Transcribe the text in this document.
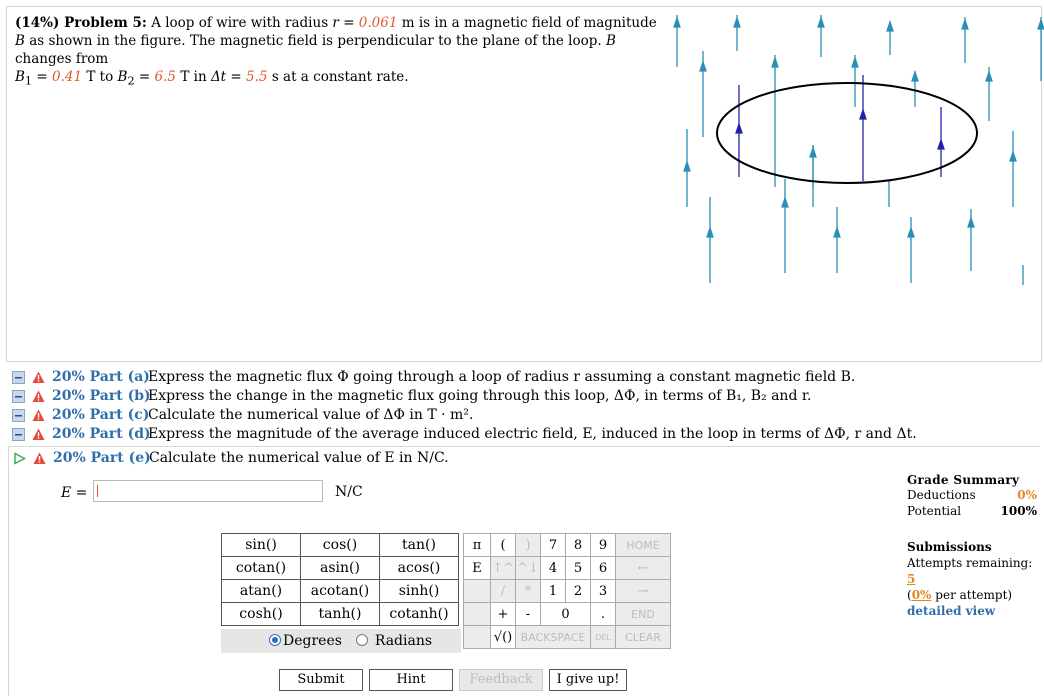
(14%) Problem 5: A loop of wire with radius r = 0.061 m is in a magnetic field of magnitude B as shown in the figure. The magnetic field is perpendicular to the plane of the loop. B changes from
$B_1 = 0.41$ T to $B_2 = 6.5$ T in Δt = 5.5 s at a constant rate.
20% Part (a)
Express the magnetic flux Φ going through a loop of radius r assuming a constant magnetic field B.
20% Part (b)
Express the change in the magnetic flux going through this loop, ΔΦ, in terms of B₁, B₂ and r.
20% Part (c)
Calculate the numerical value of ΔΦ in T · m².
20% Part (d)
Express the magnitude of the average induced electric field, E, induced in the loop in terms of ΔΦ, r and Δt.
20% Part (e)
Calculate the numerical value of E in N/C.
E =	N/C
sin()	cos()	tan()
cotan()	asin()	acos()
atan()	acotan()	sinh()
cosh()	tanh()	cotanh()
Degrees Radians
π	(	)	7	8	9	HOME
E	↑^	^↓	4	5	6	←
	/	*	1	2	3	→
	+	-	0		.	END
	√()	BACKSPACE			DEL	CLEAR
Grade Summary
Deductions	0%
Potential	100%
Submissions
Attempts remaining: 5
(0% per attempt)
detailed view
Submit	Hint	Feedback	I give up!
